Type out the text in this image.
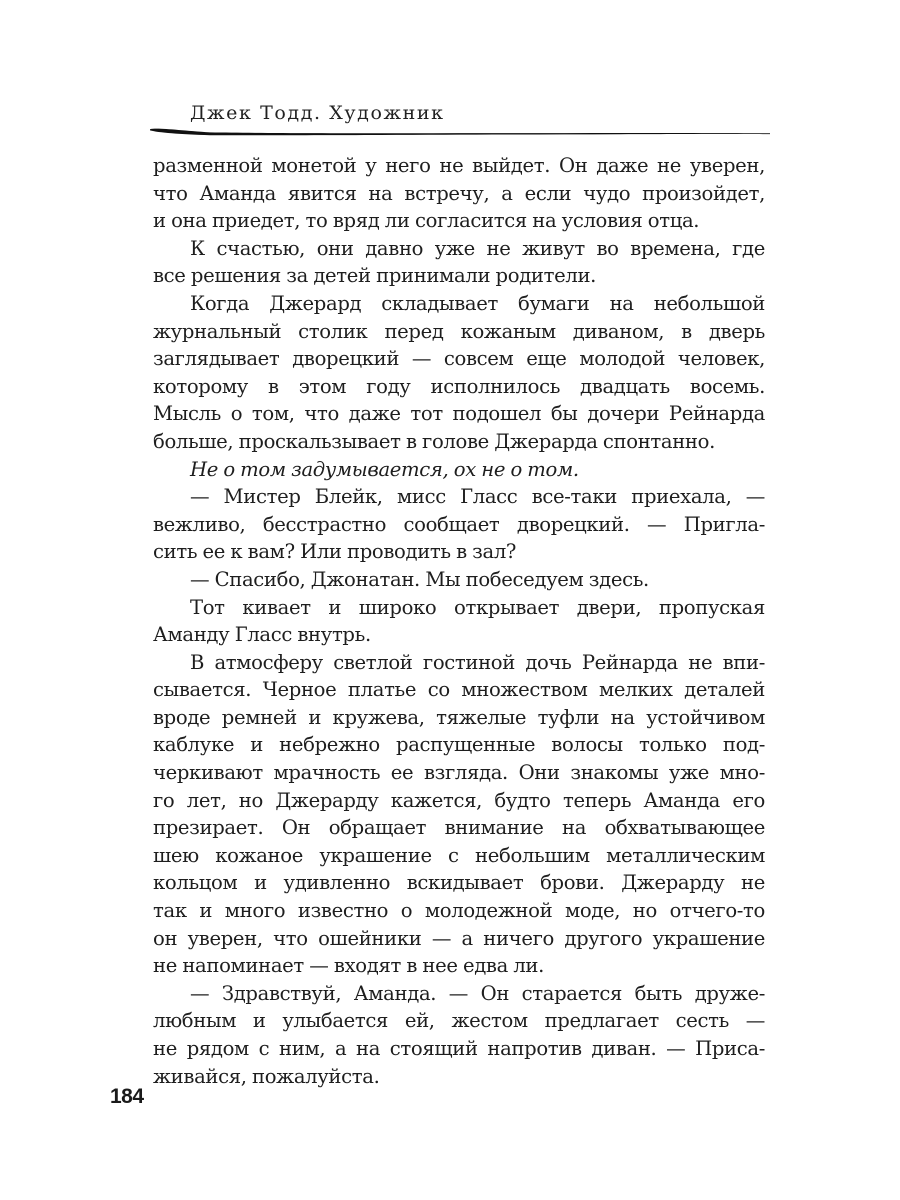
Джек Тодд. Художник
разменной монетой у него не выйдет. Он даже не уверен,
что Аманда явится на встречу, а если чудо произойдет,
и она приедет, то вряд ли согласится на условия отца.
К счастью, они давно уже не живут во времена, где
все решения за детей принимали родители.
Когда Джерард складывает бумаги на небольшой
журнальный столик перед кожаным диваном, в дверь
заглядывает дворецкий — совсем еще молодой человек,
которому в этом году исполнилось двадцать восемь.
Мысль о том, что даже тот подошел бы дочери Рейнарда
больше, проскальзывает в голове Джерарда спонтанно.
Не о том задумывается, ох не о том.
— Мистер Блейк, мисс Гласс все-таки приехала, —
вежливо, бесстрастно сообщает дворецкий. — Пригла-
сить ее к вам? Или проводить в зал?
— Спасибо, Джонатан. Мы побеседуем здесь.
Тот кивает и широко открывает двери, пропуская
Аманду Гласс внутрь.
В атмосферу светлой гостиной дочь Рейнарда не впи-
сывается. Черное платье со множеством мелких деталей
вроде ремней и кружева, тяжелые туфли на устойчивом
каблуке и небрежно распущенные волосы только под-
черкивают мрачность ее взгляда. Они знакомы уже мно-
го лет, но Джерарду кажется, будто теперь Аманда его
презирает. Он обращает внимание на обхватывающее
шею кожаное украшение с небольшим металлическим
кольцом и удивленно вскидывает брови. Джерарду не
так и много известно о молодежной моде, но отчего-то
он уверен, что ошейники — а ничего другого украшение
не напоминает — входят в нее едва ли.
— Здравствуй, Аманда. — Он старается быть друже-
любным и улыбается ей, жестом предлагает сесть —
не рядом с ним, а на стоящий напротив диван. — Приса-
живайся, пожалуйста.
184
